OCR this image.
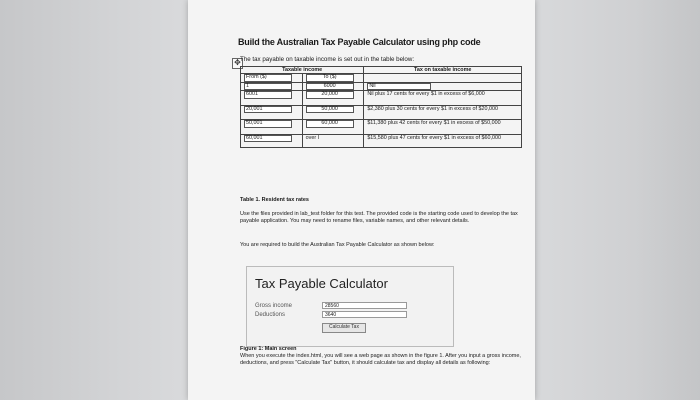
Build the Australian Tax Payable Calculator using php code
✥ The tax payable on taxable income is set out in the table below:
Taxable income		Tax on taxable income
From ($)	To ($)	
1	6000	Nil
6001	20,000	Nil plus 17 cents for every $1 in excess of $6,000
20,001	50,000	$2,380 plus 30 cents for every $1 in excess of $20,000
50,001	60,000	$11,380 plus 42 cents for every $1 in excess of $50,000
60,001	over I	$15,580 plus 47 cents for every $1 in excess of $60,000
Table 1. Resident tax rates
Use the files provided in lab_test folder for this test. The provided code is the starting code used to develop the tax payable application. You may need to rename files, variable names, and other relevant details.
You are required to build the Australian Tax Payable Calculator as shown below:
Tax Payable Calculator
Gross income	28560
Deductions	3640
Calculate Tax
Figure 1: Main screen
When you execute the index.html, you will see a web page as shown in the figure 1. After you input a gross income, deductions, and press "Calculate Tax" button, it should calculate tax and display all details as following:
